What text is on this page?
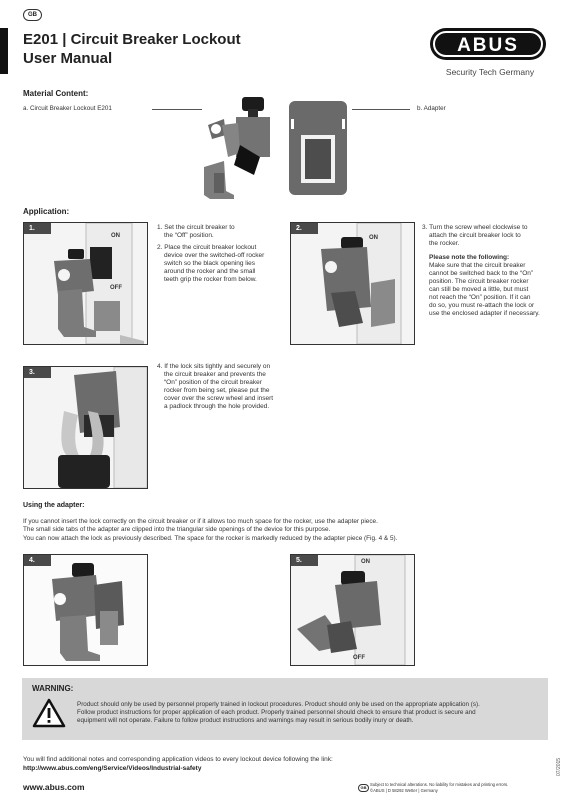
GB
E201 | Circuit Breaker Lockout
User Manual
ABUS
Security Tech Germany
Material Content:
a. Circuit Breaker Lockout E201	b. Adapter
Application:
ON
OFF
1.	1. Set the circuit breaker to
the “Off” position.
2. Place the circuit breaker lockout
device over the switched-off rocker
switch so the black opening lies
around the rocker and the small
teeth grip the rocker from below.
ON
2.	3. Turn the screw wheel clockwise to
attach the circuit breaker lock to
the rocker.
Please note the following:
Make sure that the circuit breaker
cannot be switched back to the “On”
position. The circuit breaker rocker
can still be moved a little, but must
not reach the “On” position. If it can
do so, you must re-attach the lock or
use the enclosed adapter if necessary.
3.
4. If the lock sits tightly and securely on
the circuit breaker and prevents the
“On” position of the circuit breaker
rocker from being set, please put the
cover over the screw wheel and insert
a padlock through the hole provided.
Using the adapter:
If you cannot insert the lock correctly on the circuit breaker or if it allows too much space for the rocker, use the adapter piece.
The small side tabs of the adapter are clipped into the triangular side openings of the device for this purpose.
You can now attach the lock as previously described. The space for the rocker is markedly reduced by the adapter piece (Fig. 4 & 5).
4.	ON
OFF
5.
WARNING:
Product should only be used by personnel properly trained in lockout procedures. Product should only be used on the appropriate application (s).
Follow product instructions for proper application of each product. Properly trained personnel should check to ensure that product is secure and
equipment will not operate. Failure to follow product instructions and warnings may result in serious bodily inury or death.
You will find additional notes and corresponding application videos to every lockout device following the link:
http://www.abus.com/eng/Service/Videos/Industrial-safety
www.abus.com	GB
Subject to technical alterations. No liability for mistakes and printing errors.
©ABUS | D 58292 Wetter | Germany
07/2015
